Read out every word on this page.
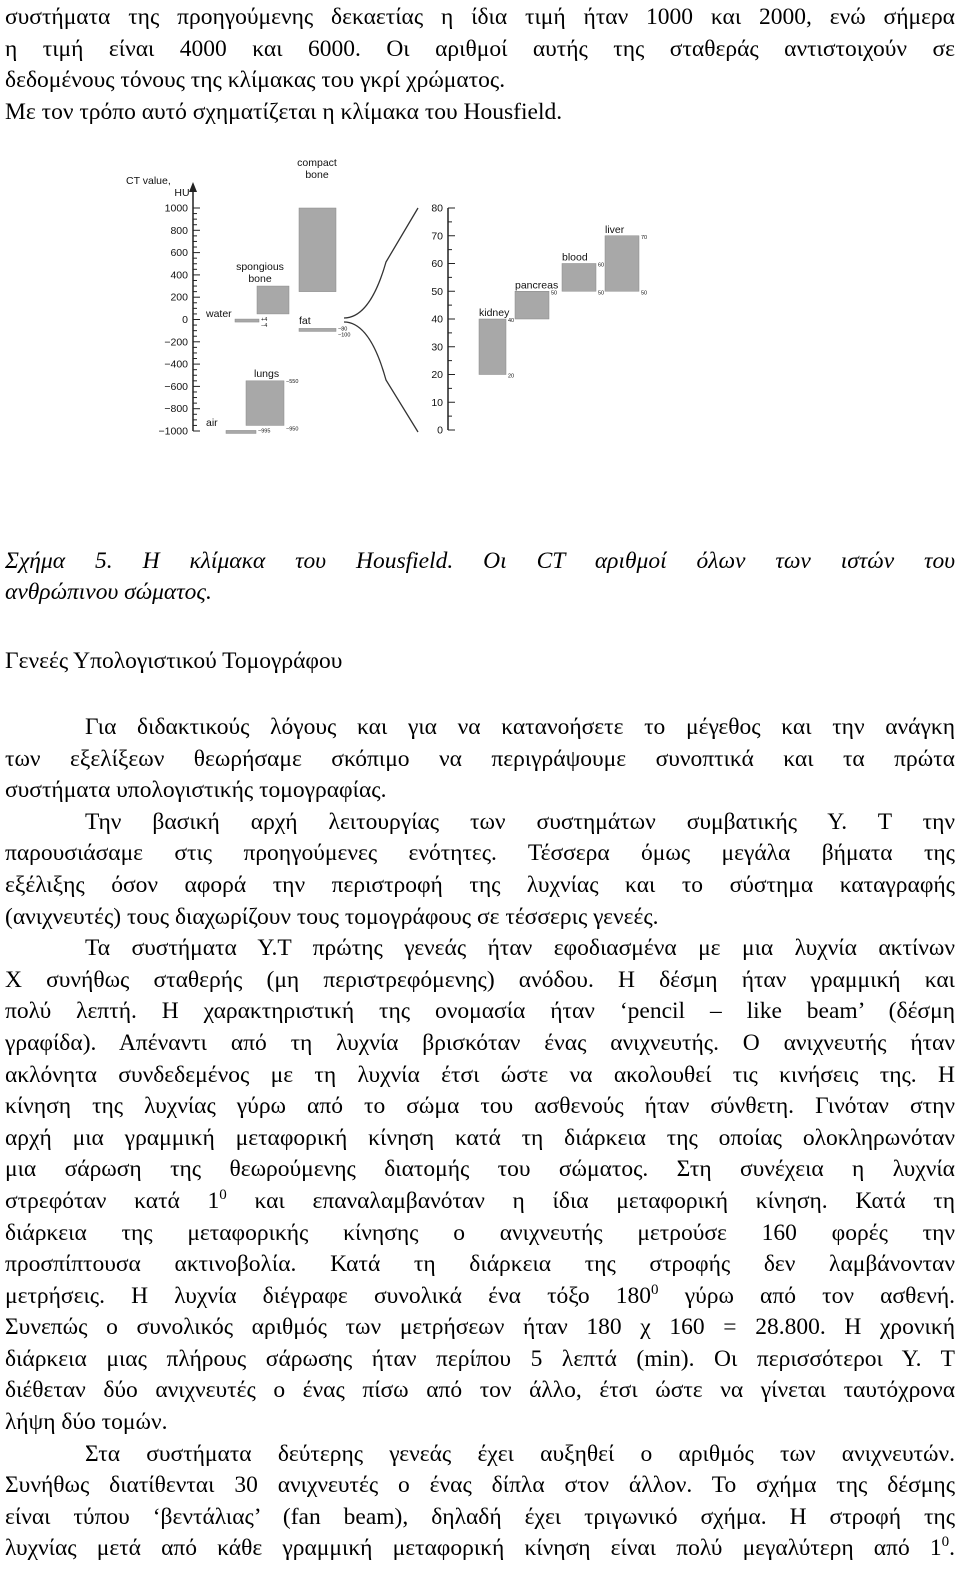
συστήματα της προηγούμενης δεκαετίας η ίδια τιμή ήταν 1000 και 2000, ενώ σήμερα
η τιμή είναι 4000 και 6000. Οι αριθμοί αυτής της σταθεράς αντιστοιχούν σε
δεδομένους τόνους της κλίμακας του γκρί χρώματος.
Με τον τρόπο αυτό σχηματίζεται η κλίμακα του Housfield.

Σχήμα 5. Η κλίμακα του Housfield. Οι CT αριθμοί όλων των ιστών του
ανθρώπινου σώματος.

Γενεές Υπολογιστικού Τομογράφου

Για διδακτικούς λόγους και για να κατανοήσετε το μέγεθος και την ανάγκη
των εξελίξεων θεωρήσαμε σκόπιμο να περιγράψουμε συνοπτικά και τα πρώτα
συστήματα υπολογιστικής τομογραφίας.
Την βασική αρχή λειτουργίας των συστημάτων συμβατικής Υ. Τ την
παρουσιάσαμε στις προηγούμενες ενότητες. Τέσσερα όμως μεγάλα βήματα της
εξέλιξης όσον αφορά την περιστροφή της λυχνίας και το σύστημα καταγραφής
(ανιχνευτές) τους διαχωρίζουν τους τομογράφους σε τέσσερις γενεές.
Τα συστήματα Υ.Τ πρώτης γενεάς ήταν εφοδιασμένα με μια λυχνία ακτίνων
Χ συνήθως σταθερής (μη περιστρεφόμενης) ανόδου. Η δέσμη ήταν γραμμική και
πολύ λεπτή. Η χαρακτηριστική της ονομασία ήταν ‘pencil – like beam’ (δέσμη
γραφίδα). Απέναντι από τη λυχνία βρισκόταν ένας ανιχνευτής. Ο ανιχνευτής ήταν
ακλόνητα συνδεδεμένος με τη λυχνία έτσι ώστε να ακολουθεί τις κινήσεις της. Η
κίνηση της λυχνίας γύρω από το σώμα του ασθενούς ήταν σύνθετη. Γινόταν στην
αρχή μια γραμμική μεταφορική κίνηση κατά τη διάρκεια της οποίας ολοκληρωνόταν
μια σάρωση της θεωρούμενης διατομής του σώματος. Στη συνέχεια η λυχνία
στρεφόταν κατά $1^0$ και επαναλαμβανόταν η ίδια μεταφορική κίνηση. Κατά τη
διάρκεια της μεταφορικής κίνησης ο ανιχνευτής μετρούσε 160 φορές την
προσπίπτουσα ακτινοβολία. Κατά τη διάρκεια της στροφής δεν λαμβάνονταν
μετρήσεις. Η λυχνία διέγραφε συνολικά ένα τόξο $180^0$ γύρω από τον ασθενή.
Συνεπώς ο συνολικός αριθμός των μετρήσεων ήταν 180 χ 160 = 28.800. Η χρονική
διάρκεια μιας πλήρους σάρωσης ήταν περίπου 5 λεπτά (min). Οι περισσότεροι Υ. Τ
διέθεταν δύο ανιχνευτές ο ένας πίσω από τον άλλο, έτσι ώστε να γίνεται ταυτόχρονα
λήψη δύο τομών.
Στα συστήματα δεύτερης γενεάς έχει αυξηθεί ο αριθμός των ανιχνευτών.
Συνήθως διατίθενται 30 ανιχνευτές ο ένας δίπλα στον άλλον. Το σχήμα της δέσμης
είναι τύπου ‘βεντάλιας’ (fan beam), δηλαδή έχει τριγωνικό σχήμα. Η στροφή της
λυχνίας μετά από κάθε γραμμική μεταφορική κίνηση είναι πολύ μεγαλύτερη από $1^0$.

CT value,
HU
1000
800
600
400
200
0
−200
−400
−600
−800
−1000
compact
bone
spongious
bone
water
+4
−4	fat
−80
−100
lungs
−550
−950
air
−995
80
70
60
50
40
30
20
10
0
kidney
40
20
pancreas
50
blood
60
50
liver
70
50
